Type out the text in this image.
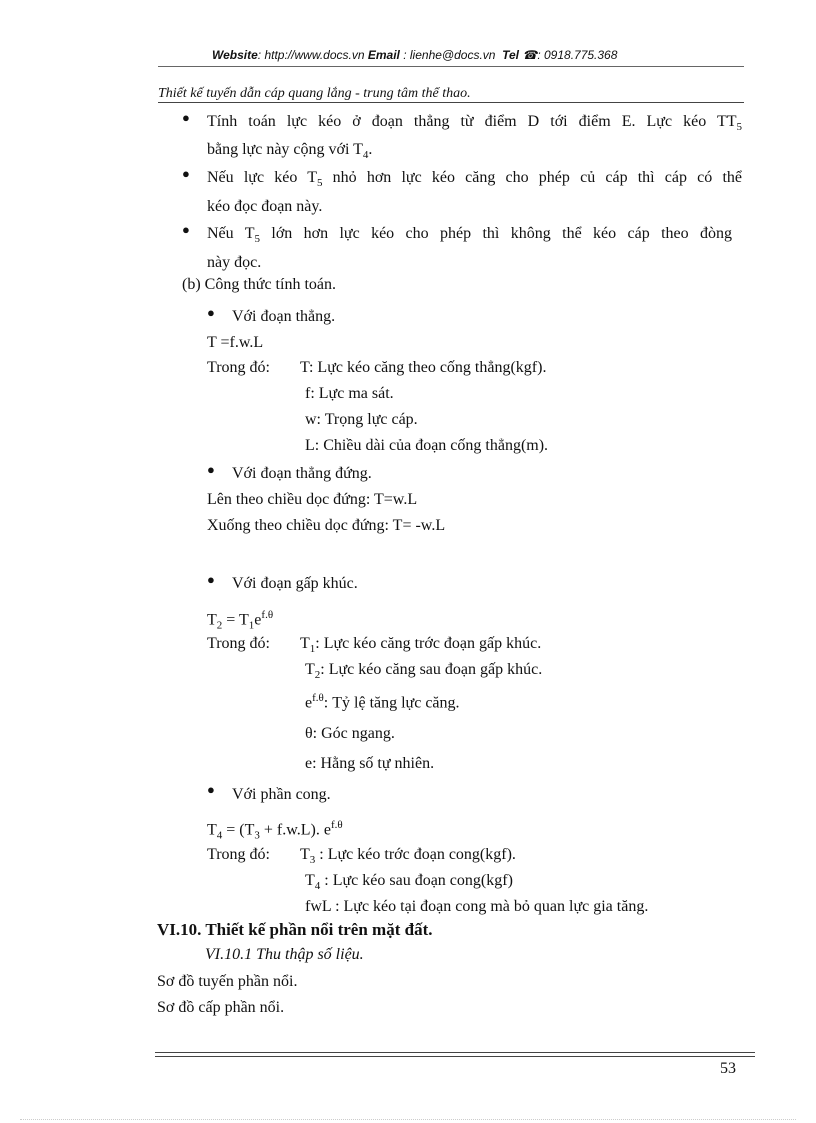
Website: http://www.docs.vn Email : lienhe@docs.vn Tel ☎: 0918.775.368
Thiết kế tuyến dẫn cáp quang lắng - trung tâm thể thao.
● Tính toán lực kéo ở đoạn thẳng từ điểm D tới điểm E. Lực kéo $TT_5$
bằng lực này cộng với $T_4$.
● Nếu lực kéo $T_5$ nhỏ hơn lực kéo căng cho phép củ cáp thì cáp có thể
kéo đọc đoạn này.
● Nếu $T_5$ lớn hơn lực kéo cho phép thì không thể kéo cáp theo đòng
này đọc.
(b) Công thức tính toán.
● Với đoạn thẳng.
T =f.w.L
Trong đó: T: Lực kéo căng theo cống thẳng(kgf).
f: Lực ma sát.
w: Trọng lực cáp.
L: Chiều dài của đoạn cống thẳng(m).
● Với đoạn thẳng đứng.
Lên theo chiều dọc đứng: T=w.L
Xuống theo chiều dọc đứng: T= -w.L
● Với đoạn gấp khúc.
$T_2 = T_1e^{f.\theta}$
Trong đó: $T_1$: Lực kéo căng trớc đoạn gấp khúc.
$T_2$: Lực kéo căng sau đoạn gấp khúc.
$e^{f.\theta}$: Tỷ lệ tăng lực căng.
θ: Góc ngang.
e: Hằng số tự nhiên.
● Với phần cong.
$T_4 = (T_3 + f.w.L)$. $e^{f.\theta}$
Trong đó: $T_3$ : Lực kéo trớc đoạn cong(kgf).
$T_4$ : Lực kéo sau đoạn cong(kgf)
fwL : Lực kéo tại đoạn cong mà bỏ quan lực gia tăng.
VI.10. Thiết kế phần nổi trên mặt đất.
VI.10.1 Thu thập số liệu.
Sơ đồ tuyến phần nổi.
Sơ đồ cấp phần nổi.
53
